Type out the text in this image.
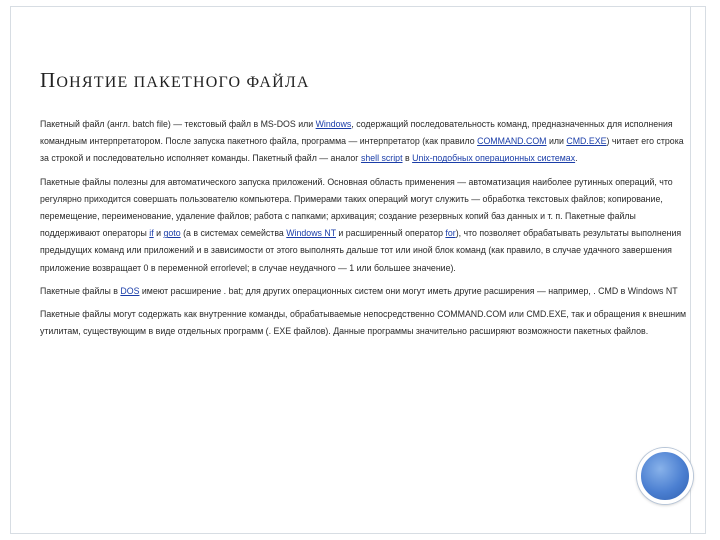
ПОНЯТИЕ ПАКЕТНОГО ФАЙЛА

Пакетный файл (англ. batch file) — текстовый файл в MS-DOS или Windows, содержащий последовательность команд, предназначенных для исполнения командным интерпретатором. После запуска пакетного файла, программа — интерпретатор (как правило COMMAND.COM или CMD.EXE) читает его строка за строкой и последовательно исполняет команды. Пакетный файл — аналог shell script в Unix-подобных операционных системах.

Пакетные файлы полезны для автоматического запуска приложений. Основная область применения — автоматизация наиболее рутинных операций, что регулярно приходится совершать пользователю компьютера. Примерами таких операций могут служить — обработка текстовых файлов; копирование, перемещение, переименование, удаление файлов; работа с папками; архивация; создание резервных копий баз данных и т. п. Пакетные файлы поддерживают операторы if и goto (а в системах семейства Windows NT и расширенный оператор for), что позволяет обрабатывать результаты выполнения предыдущих команд или приложений и в зависимости от этого выполнять дальше тот или иной блок команд (как правило, в случае удачного завершения приложение возвращает 0 в переменной errorlevel; в случае неудачного — 1 или большее значение).

Пакетные файлы в DOS имеют расширение . bat; для других операционных систем они могут иметь другие расширения — например, . CMD в Windows NT

Пакетные файлы могут содержать как внутренние команды, обрабатываемые непосредственно COMMAND.COM или CMD.EXE, так и обращения к внешним утилитам, существующим в виде отдельных программ (. EXE файлов). Данные программы значительно расширяют возможности пакетных файлов.
